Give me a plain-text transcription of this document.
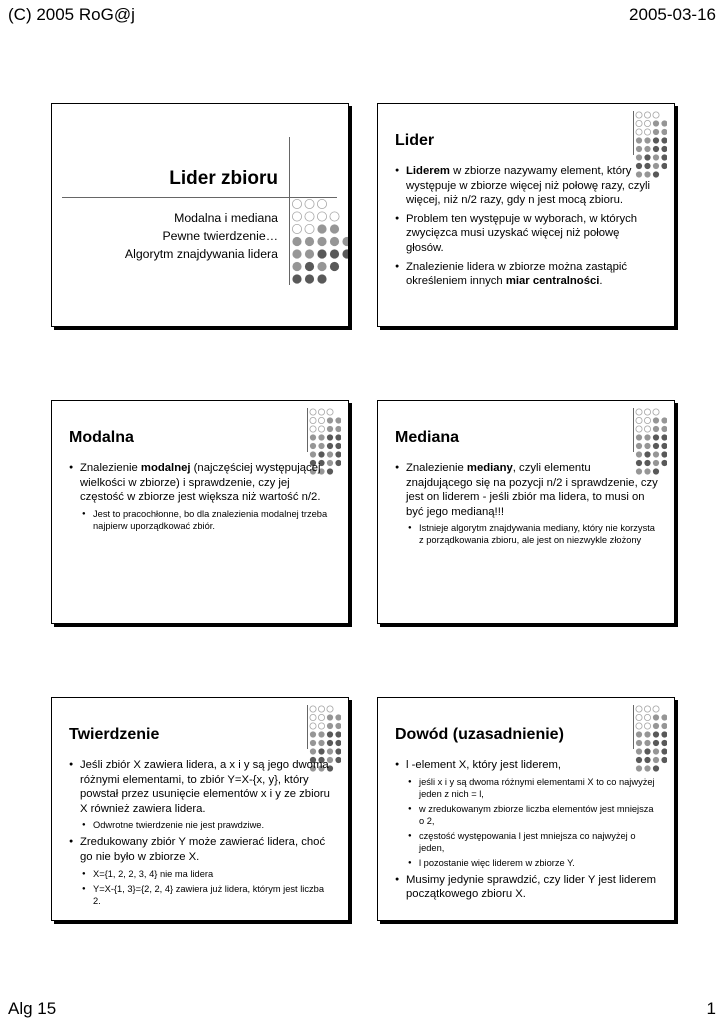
(C) 2005 RoG@j	2005-03-16
Alg 15	1
Lider zbioru
Modalna i mediana
Pewne twierdzenie…
Algorytm znajdywania lidera
Lider
● Liderem w zbiorze nazywamy element, który występuje w zbiorze więcej niż połowę razy, czyli więcej, niż n/2 razy, gdy n jest mocą zbioru.
● Problem ten występuje w wyborach, w których zwycięzca musi uzyskać więcej niż połowę głosów.
● Znalezienie lidera w zbiorze można zastąpić określeniem innych miar centralności.
Modalna
● Znalezienie modalnej (najczęściej występującej wielkości w zbiorze) i sprawdzenie, czy jej częstość w zbiorze jest większa niż wartość n/2.
● Jest to pracochłonne, bo dla znalezienia modalnej trzeba najpierw uporządkować zbiór.
Mediana
● Znalezienie mediany, czyli elementu znajdującego się na pozycji n/2 i sprawdzenie, czy jest on liderem - jeśli zbiór ma lidera, to musi on być jego medianą!!!
● Istnieje algorytm znajdywania mediany, który nie korzysta z porządkowania zbioru, ale jest on niezwykle złożony
Twierdzenie
● Jeśli zbiór X zawiera lidera, a x i y są jego dwoma różnymi elementami, to zbiór Y=X-{x, y}, który powstał przez usunięcie elementów x i y ze zbioru X również zawiera lidera.
● Odwrotne twierdzenie nie jest prawdziwe.
● Zredukowany zbiór Y może zawierać lidera, choć go nie było w zbiorze X.
● X={1, 2, 2, 3, 4} nie ma lidera
● Y=X-{1, 3}={2, 2, 4} zawiera już lidera, którym jest liczba 2.
Dowód (uzasadnienie)
● l -element X, który jest liderem,
● jeśli x i y są dwoma różnymi elementami X to co najwyżej jeden z nich = l,
● w zredukowanym zbiorze liczba elementów jest mniejsza o 2,
● częstość występowania l jest mniejsza co najwyżej o jeden,
● l pozostanie więc liderem w zbiorze Y.
● Musimy jedynie sprawdzić, czy lider Y jest liderem początkowego zbioru X.
